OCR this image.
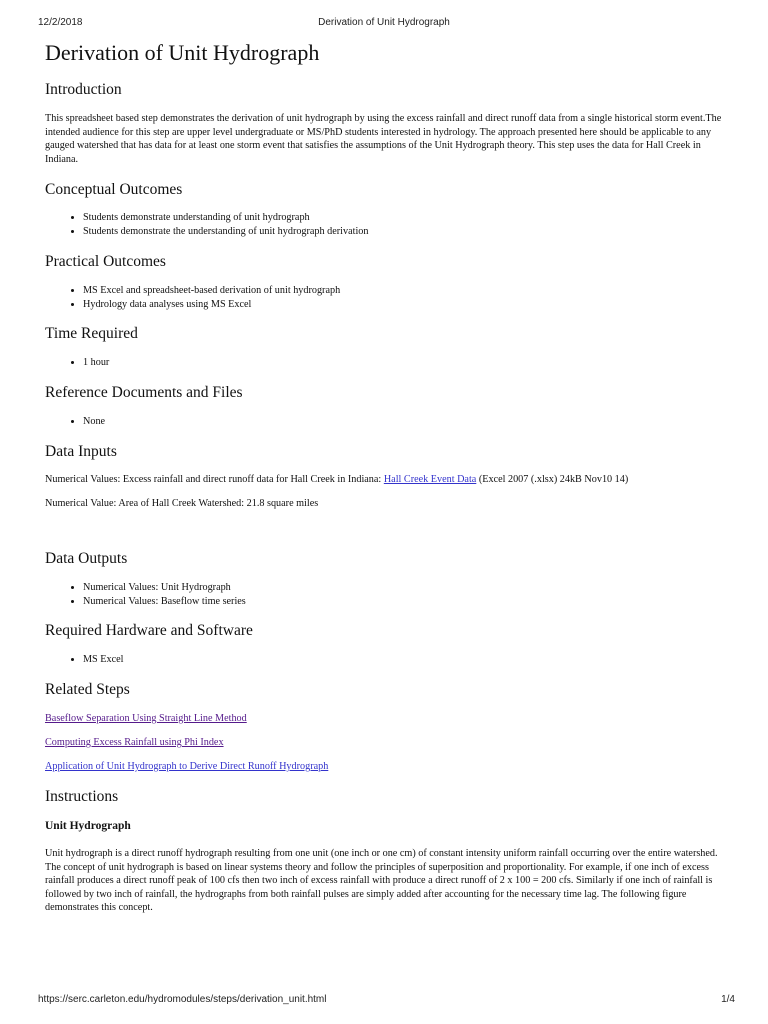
12/2/2018	Derivation of Unit Hydrograph
Derivation of Unit Hydrograph
Introduction

This spreadsheet based step demonstrates the derivation of unit hydrograph by using the excess rainfall and direct runoff data from a single historical storm event.The intended audience for this step are upper level undergraduate or MS/PhD students interested in hydrology. The approach presented here should be applicable to any gauged watershed that has data for at least one storm event that satisfies the assumptions of the Unit Hydrograph theory. This step uses the data for Hall Creek in Indiana.

Conceptual Outcomes
• Students demonstrate understanding of unit hydrograph
• Students demonstrate the understanding of unit hydrograph derivation
Practical Outcomes
• MS Excel and spreadsheet-based derivation of unit hydrograph
• Hydrology data analyses using MS Excel
Time Required
• 1 hour
Reference Documents and Files
• None
Data Inputs

Numerical Values: Excess rainfall and direct runoff data for Hall Creek in Indiana: Hall Creek Event Data (Excel 2007 (.xlsx) 24kB Nov10 14)

Numerical Value: Area of Hall Creek Watershed: 21.8 square miles

Data Outputs
• Numerical Values: Unit Hydrograph
• Numerical Values: Baseflow time series
Required Hardware and Software
• MS Excel
Related Steps

Baseflow Separation Using Straight Line Method

Computing Excess Rainfall using Phi Index

Application of Unit Hydrograph to Derive Direct Runoff Hydrograph

Instructions
Unit Hydrograph

Unit hydrograph is a direct runoff hydrograph resulting from one unit (one inch or one cm) of constant intensity uniform rainfall occurring over the entire watershed. The concept of unit hydrograph is based on linear systems theory and follow the principles of superposition and proportionality. For example, if one inch of excess rainfall produces a direct runoff peak of 100 cfs then two inch of excess rainfall with produce a direct runoff of 2 x 100 = 200 cfs. Similarly if one inch of rainfall is followed by two inch of rainfall, the hydrographs from both rainfall pulses are simply added after accounting for the necessary time lag. The following figure demonstrates this concept.

https://serc.carleton.edu/hydromodules/steps/derivation_unit.html	1/4
